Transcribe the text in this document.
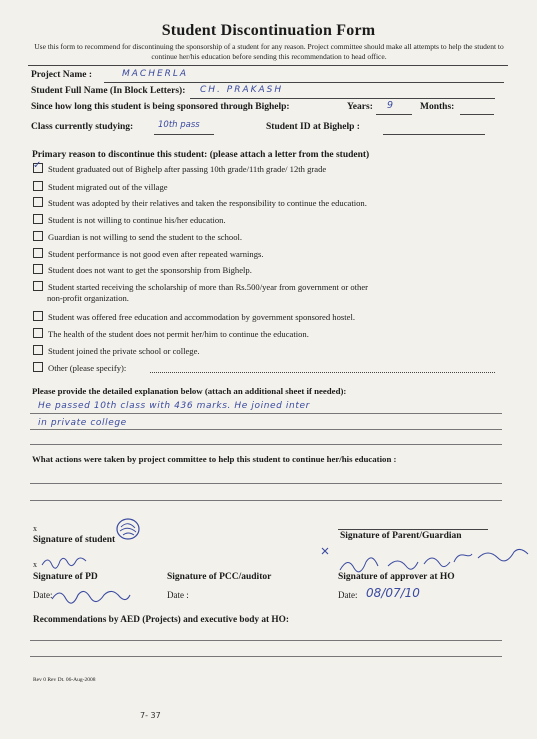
Student Discontinuation Form
Use this form to recommend for discontinuing the sponsorship of a student for any reason. Project committee should make all attempts to help the student to continue her/his education before sending this recommendation to head office.
Project Name :	MACHERLA
Student Full Name (In Block Letters): CH. PRAKASH
Since how long this student is being sponsored through Bighelp:	Years: 9	Months:
Class currently studying:	10th pass	Student ID at Bighelp :
Primary reason to discontinue this student: (please attach a letter from the student)
✓Student graduated out of Bighelp after passing 10th grade/11th grade/ 12th grade
Student migrated out of the village
Student was adopted by their relatives and taken the responsibility to continue the education.
Student is not willing to continue his/her education.
Guardian is not willing to send the student to the school.
Student performance is not good even after repeated warnings.
Student does not want to get the sponsorship from Bighelp.
Student started receiving the scholarship of more than Rs.500/year from government or other
non-profit organization.
Student was offered free education and accommodation by government sponsored hostel.
The health of the student does not permit her/him to continue the education.
Student joined the private school or college.
Other (please specify):
Please provide the detailed explanation below (attach an additional sheet if needed):
He passed 10th class with 436 marks. He joined inter
in private college
What actions were taken by project committee to help this student to continue her/his education :
x
Signature of student	Signature of Parent/Guardian
x
Signature of PD	Signature of PCC/auditor	Signature of approver at HO
Date:	Date :	Date: 08/07/10
Recommendations by AED (Projects) and executive body at HO:
Rev 0 Rev Dt. 06-Aug-2008
7- 37
